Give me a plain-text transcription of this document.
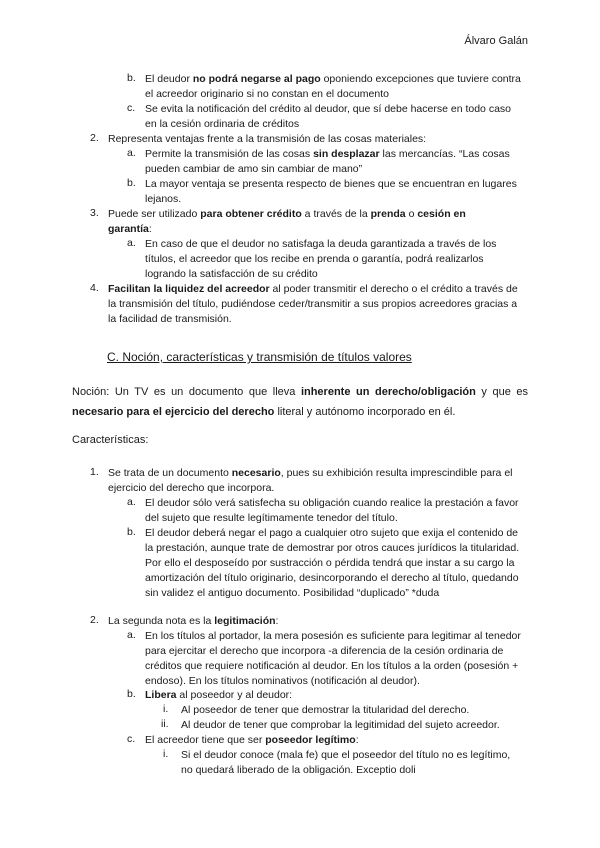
Álvaro Galán
b. El deudor no podrá negarse al pago oponiendo excepciones que tuviere contra el acreedor originario si no constan en el documento
c. Se evita la notificación del crédito al deudor, que sí debe hacerse en todo caso en la cesión ordinaria de créditos
2. Representa ventajas frente a la transmisión de las cosas materiales:
a. Permite la transmisión de las cosas sin desplazar las mercancías. “Las cosas pueden cambiar de amo sin cambiar de mano”
b. La mayor ventaja se presenta respecto de bienes que se encuentran en lugares lejanos.
3. Puede ser utilizado para obtener crédito a través de la prenda o cesión en garantía:
a. En caso de que el deudor no satisfaga la deuda garantizada a través de los títulos, el acreedor que los recibe en prenda o garantía, podrá realizarlos logrando la satisfacción de su crédito
4. Facilitan la liquidez del acreedor al poder transmitir el derecho o el crédito a través de la transmisión del título, pudiéndose ceder/transmitir a sus propios acreedores gracias a la facilidad de transmisión.
C. Noción, características y transmisión de títulos valores
Noción: Un TV es un documento que lleva inherente un derecho/obligación y que es
necesario para el ejercicio del derecho literal y autónomo incorporado en él.
Características:
1. Se trata de un documento necesario, pues su exhibición resulta imprescindible para el ejercicio del derecho que incorpora.
a. El deudor sólo verá satisfecha su obligación cuando realice la prestación a favor del sujeto que resulte legítimamente tenedor del título.
b. El deudor deberá negar el pago a cualquier otro sujeto que exija el contenido de la prestación, aunque trate de demostrar por otros cauces jurídicos la titularidad. Por ello el desposeído por sustracción o pérdida tendrá que instar a su cargo la amortización del título originario, desincorporando el derecho al título, quedando sin validez el antiguo documento. Posibilidad “duplicado” *duda
2. La segunda nota es la legitimación:
a. En los títulos al portador, la mera posesión es suficiente para legitimar al tenedor para ejercitar el derecho que incorpora -a diferencia de la cesión ordinaria de créditos que requiere notificación al deudor. En los títulos a la orden (posesión + endoso). En los títulos nominativos (notificación al deudor).
b. Libera al poseedor y al deudor:
i. Al poseedor de tener que demostrar la titularidad del derecho.
ii. Al deudor de tener que comprobar la legitimidad del sujeto acreedor.
c. El acreedor tiene que ser poseedor legítimo:
i. Si el deudor conoce (mala fe) que el poseedor del título no es legítimo, no quedará liberado de la obligación. Exceptio doli
